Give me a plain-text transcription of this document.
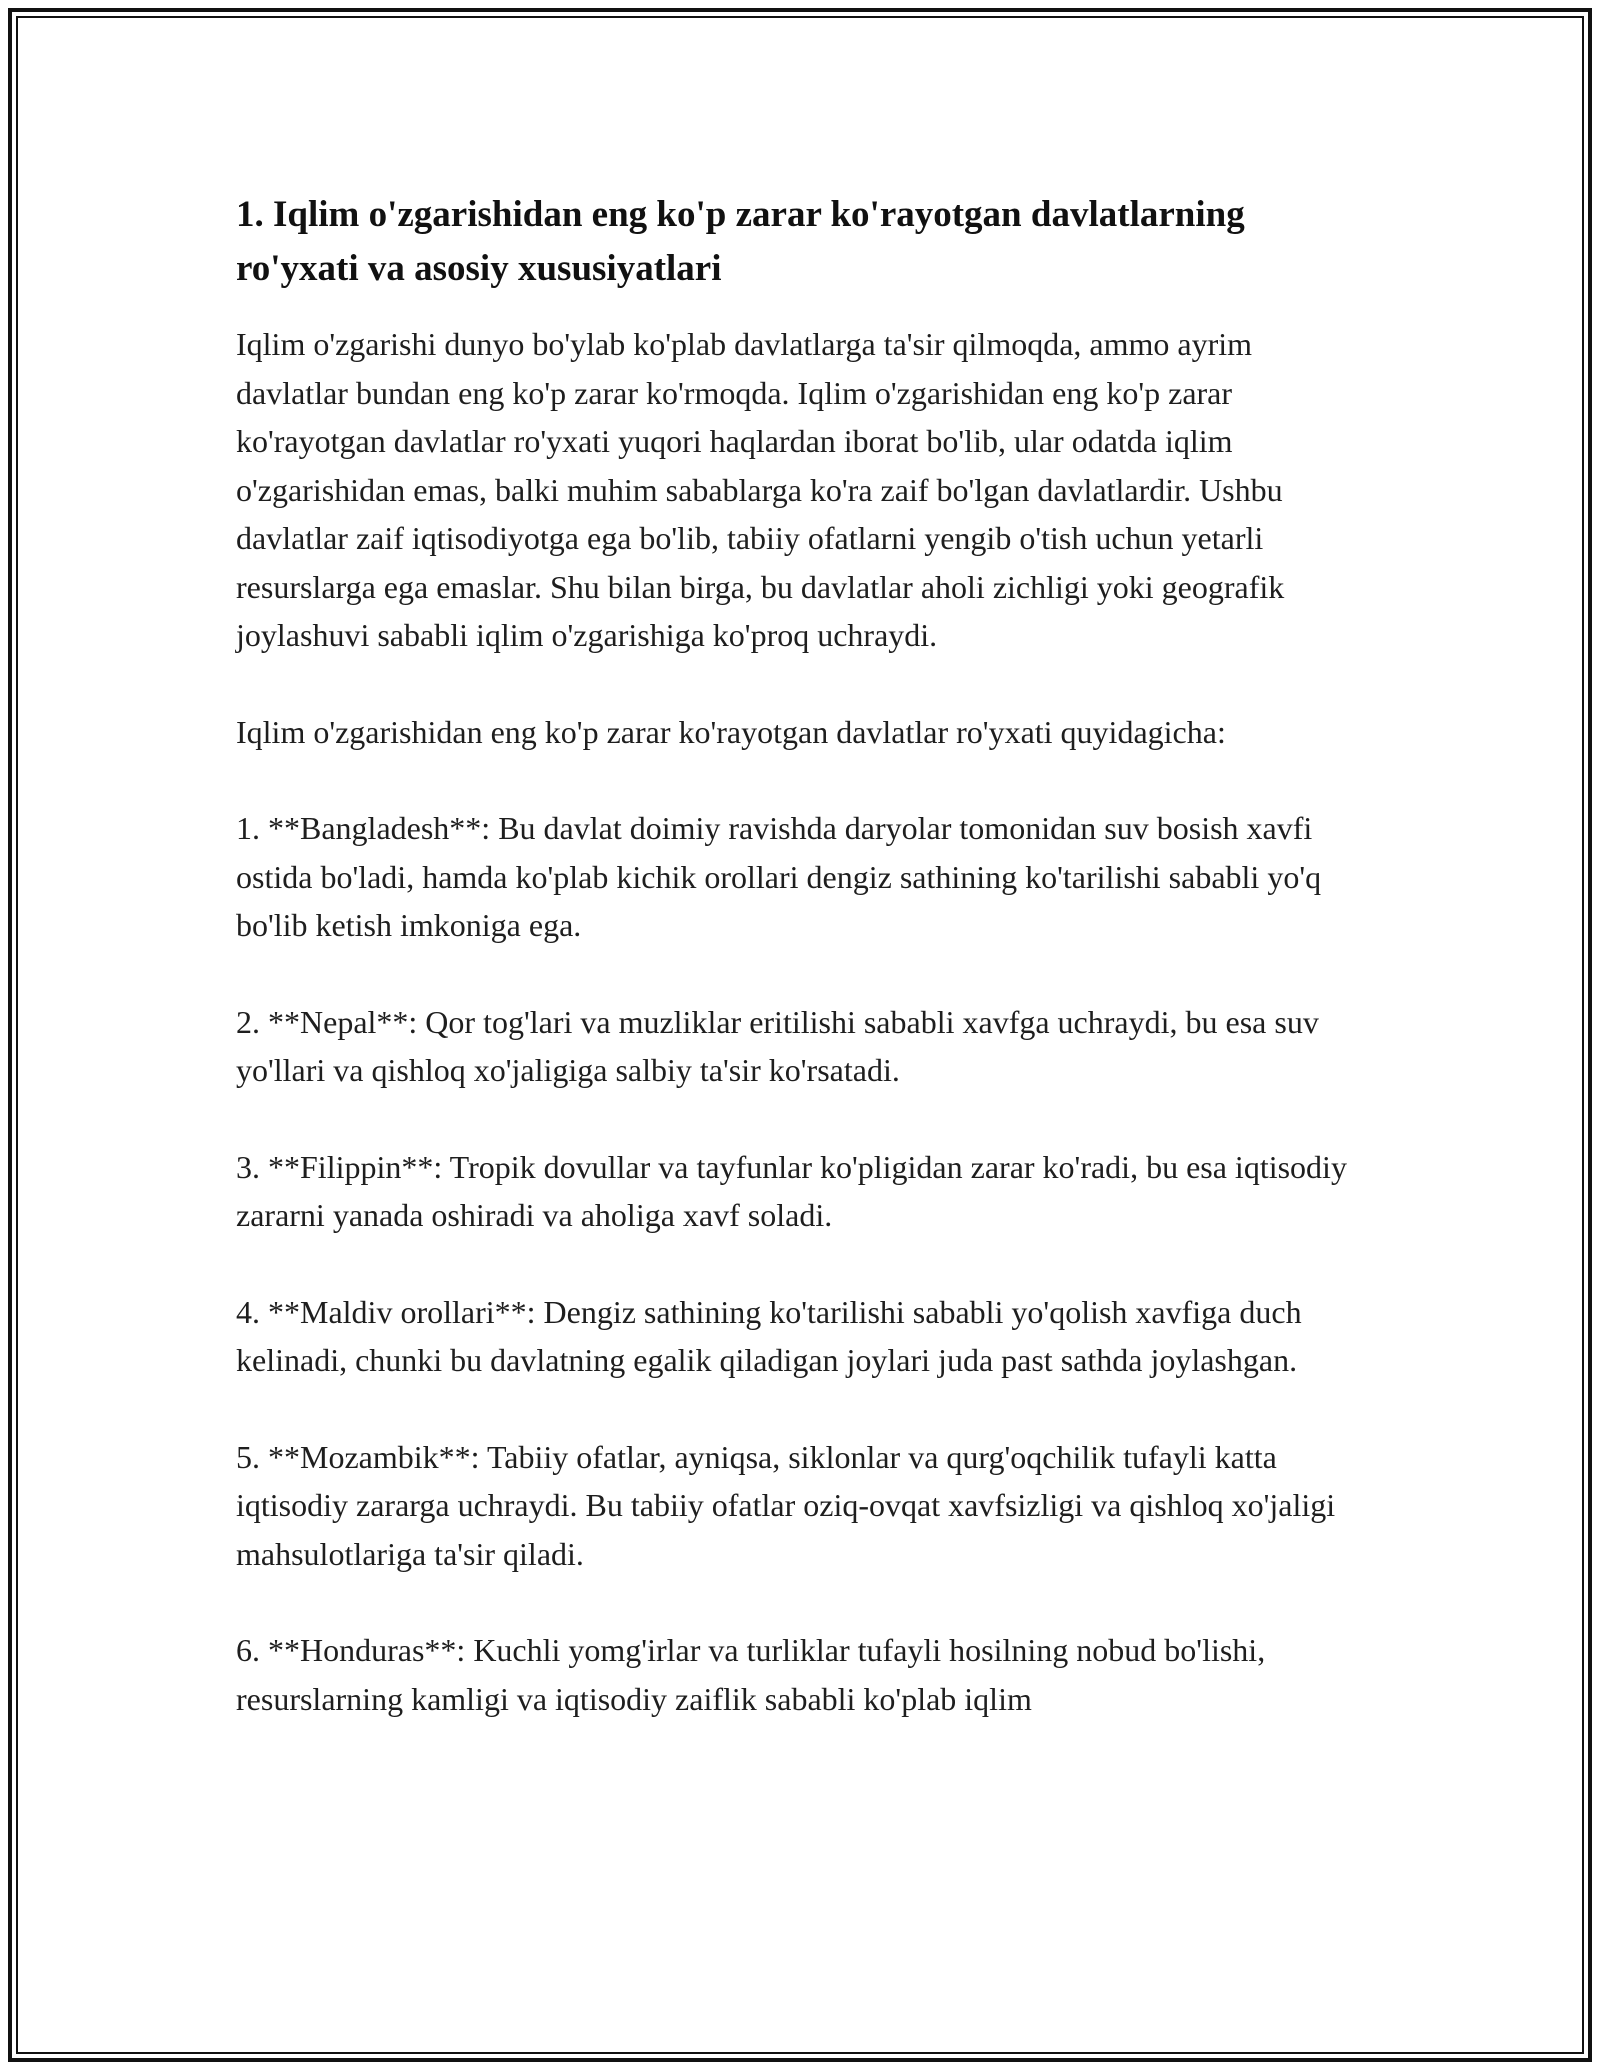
1. Iqlim o'zgarishidan eng ko'p zarar ko'rayotgan davlatlarning ro'yxati va asosiy xususiyatlari

Iqlim o'zgarishi dunyo bo'ylab ko'plab davlatlarga ta'sir qilmoqda, ammo ayrim davlatlar bundan eng ko'p zarar ko'rmoqda. Iqlim o'zgarishidan eng ko'p zarar ko'rayotgan davlatlar ro'yxati yuqori haqlardan iborat bo'lib, ular odatda iqlim o'zgarishidan emas, balki muhim sabablarga ko'ra zaif bo'lgan davlatlardir. Ushbu davlatlar zaif iqtisodiyotga ega bo'lib, tabiiy ofatlarni yengib o'tish uchun yetarli resurslarga ega emaslar. Shu bilan birga, bu davlatlar aholi zichligi yoki geografik joylashuvi sababli iqlim o'zgarishiga ko'proq uchraydi.

Iqlim o'zgarishidan eng ko'p zarar ko'rayotgan davlatlar ro'yxati quyidagicha:

1. **Bangladesh**: Bu davlat doimiy ravishda daryolar tomonidan suv bosish xavfi ostida bo'ladi, hamda ko'plab kichik orollari dengiz sathining ko'tarilishi sababli yo'q bo'lib ketish imkoniga ega.

2. **Nepal**: Qor tog'lari va muzliklar eritilishi sababli xavfga uchraydi, bu esa suv yo'llari va qishloq xo'jaligiga salbiy ta'sir ko'rsatadi.

3. **Filippin**: Tropik dovullar va tayfunlar ko'pligidan zarar ko'radi, bu esa iqtisodiy zararni yanada oshiradi va aholiga xavf soladi.

4. **Maldiv orollari**: Dengiz sathining ko'tarilishi sababli yo'qolish xavfiga duch kelinadi, chunki bu davlatning egalik qiladigan joylari juda past sathda joylashgan.

5. **Mozambik**: Tabiiy ofatlar, ayniqsa, siklonlar va qurg'oqchilik tufayli katta iqtisodiy zararga uchraydi. Bu tabiiy ofatlar oziq-ovqat xavfsizligi va qishloq xo'jaligi mahsulotlariga ta'sir qiladi.

6. **Honduras**: Kuchli yomg'irlar va turliklar tufayli hosilning nobud bo'lishi, resurslarning kamligi va iqtisodiy zaiflik sababli ko'plab iqlim
